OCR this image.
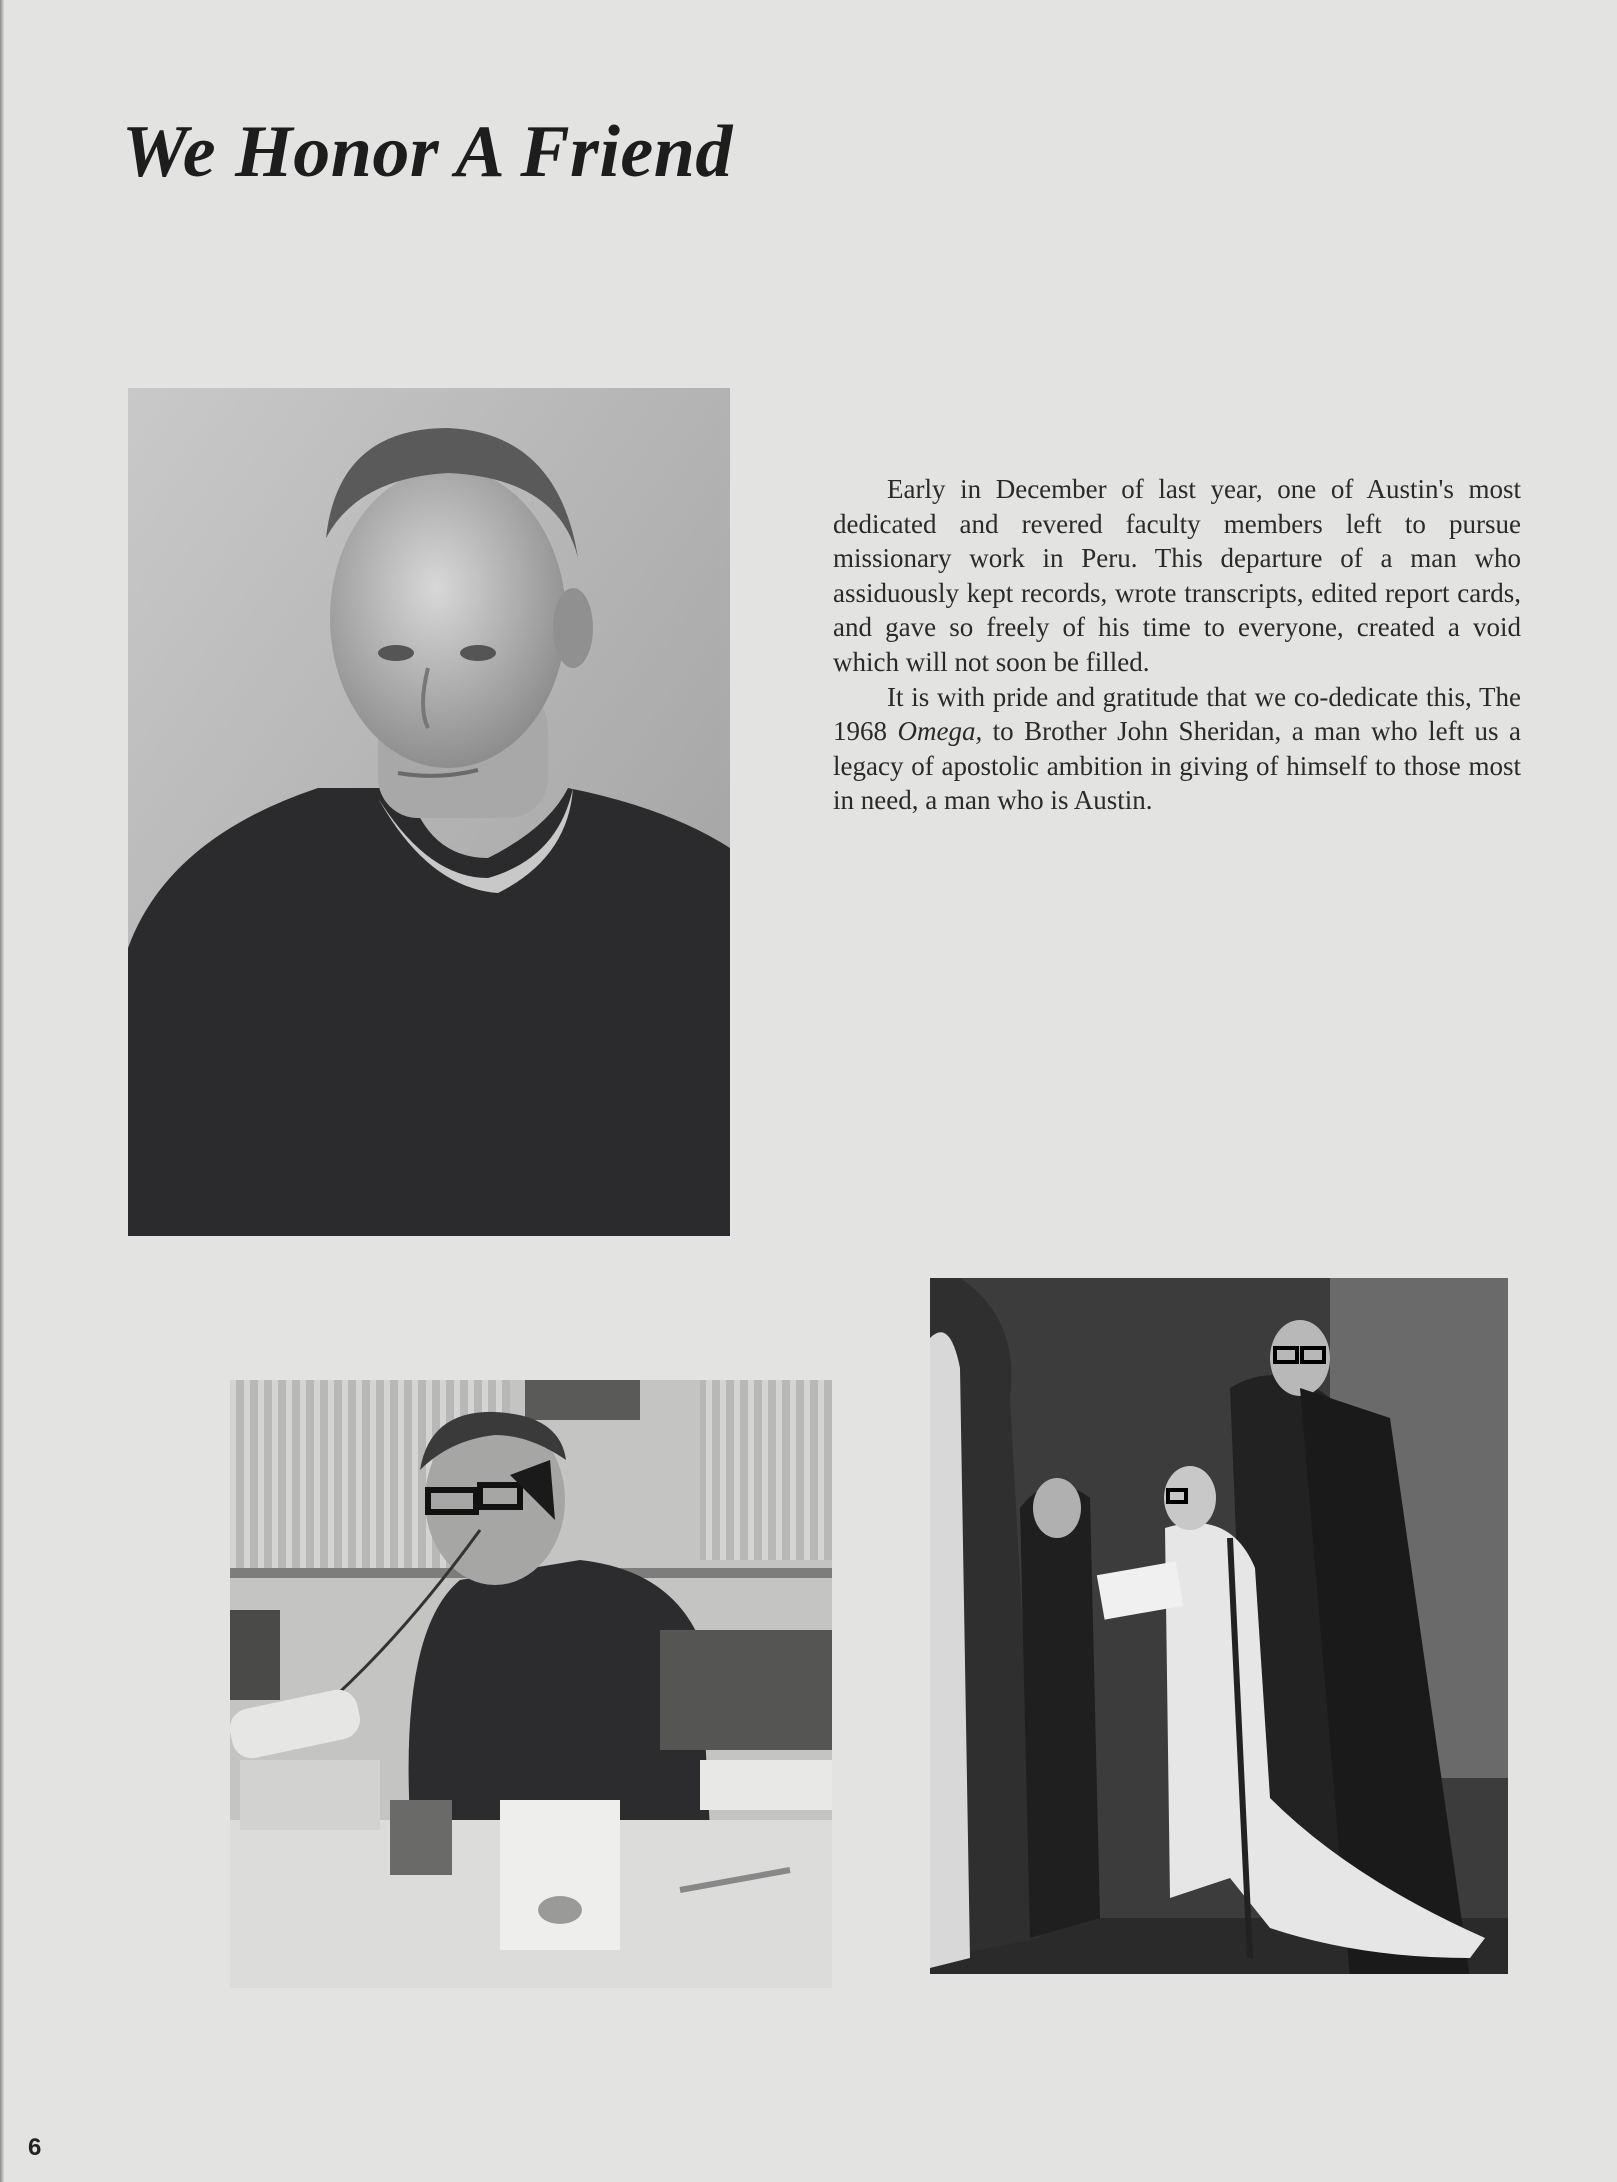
We Honor A Friend

Early in December of last year, one of Austin's most dedicated and revered faculty members left to pursue missionary work in Peru. This departure of a man who assiduously kept records, wrote transcripts, edited report cards, and gave so freely of his time to everyone, created a void which will not soon be filled.

It is with pride and gratitude that we co-dedicate this, The 1968 Omega, to Brother John Sheridan, a man who left us a legacy of apostolic ambition in giving of himself to those most in need, a man who is Austin.

6
